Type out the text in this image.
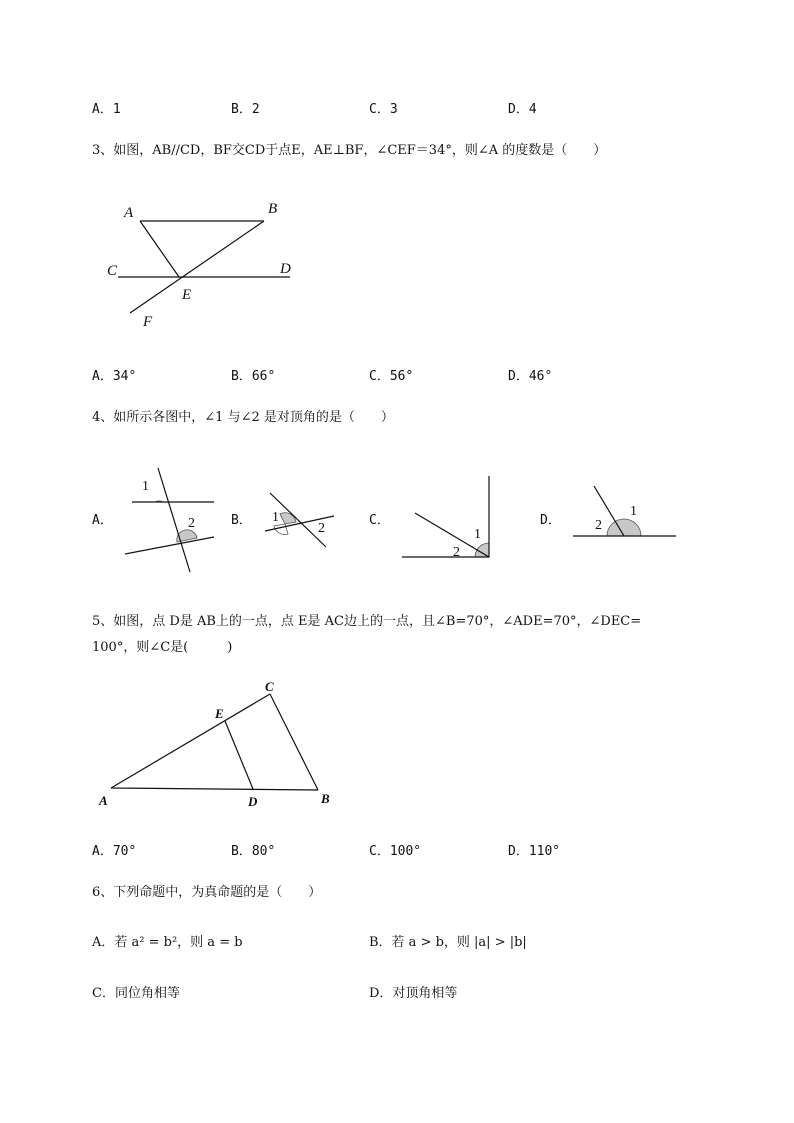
A．1	B．2	C．3	D．4
3、如图，AB//CD，BF交CD于点E，AE⊥BF，∠CEF＝34°，则∠A 的度数是（　　）
A	B
C	D
E
F
A．34°	B．66°	C．56°	D．46°
4、如所示各图中，∠1 与∠2 是对顶角的是（　　）
A．
1
2	B． 1
2
C．
1
2
D．
1
2
5、如图，点 D是 AB上的一点，点 E是 AC边上的一点，且∠B=70°，∠ADE=70°，∠DEC=
100°，则∠C是(　　　)
A	B
C
D
E
A．70°	B．80°	C．100°	D．110°
6、下列命题中，为真命题的是（　　）
A．若 a² = b²，则 a = b	B．若 a > b，则 |a| > |b|
C．同位角相等	D．对顶角相等
